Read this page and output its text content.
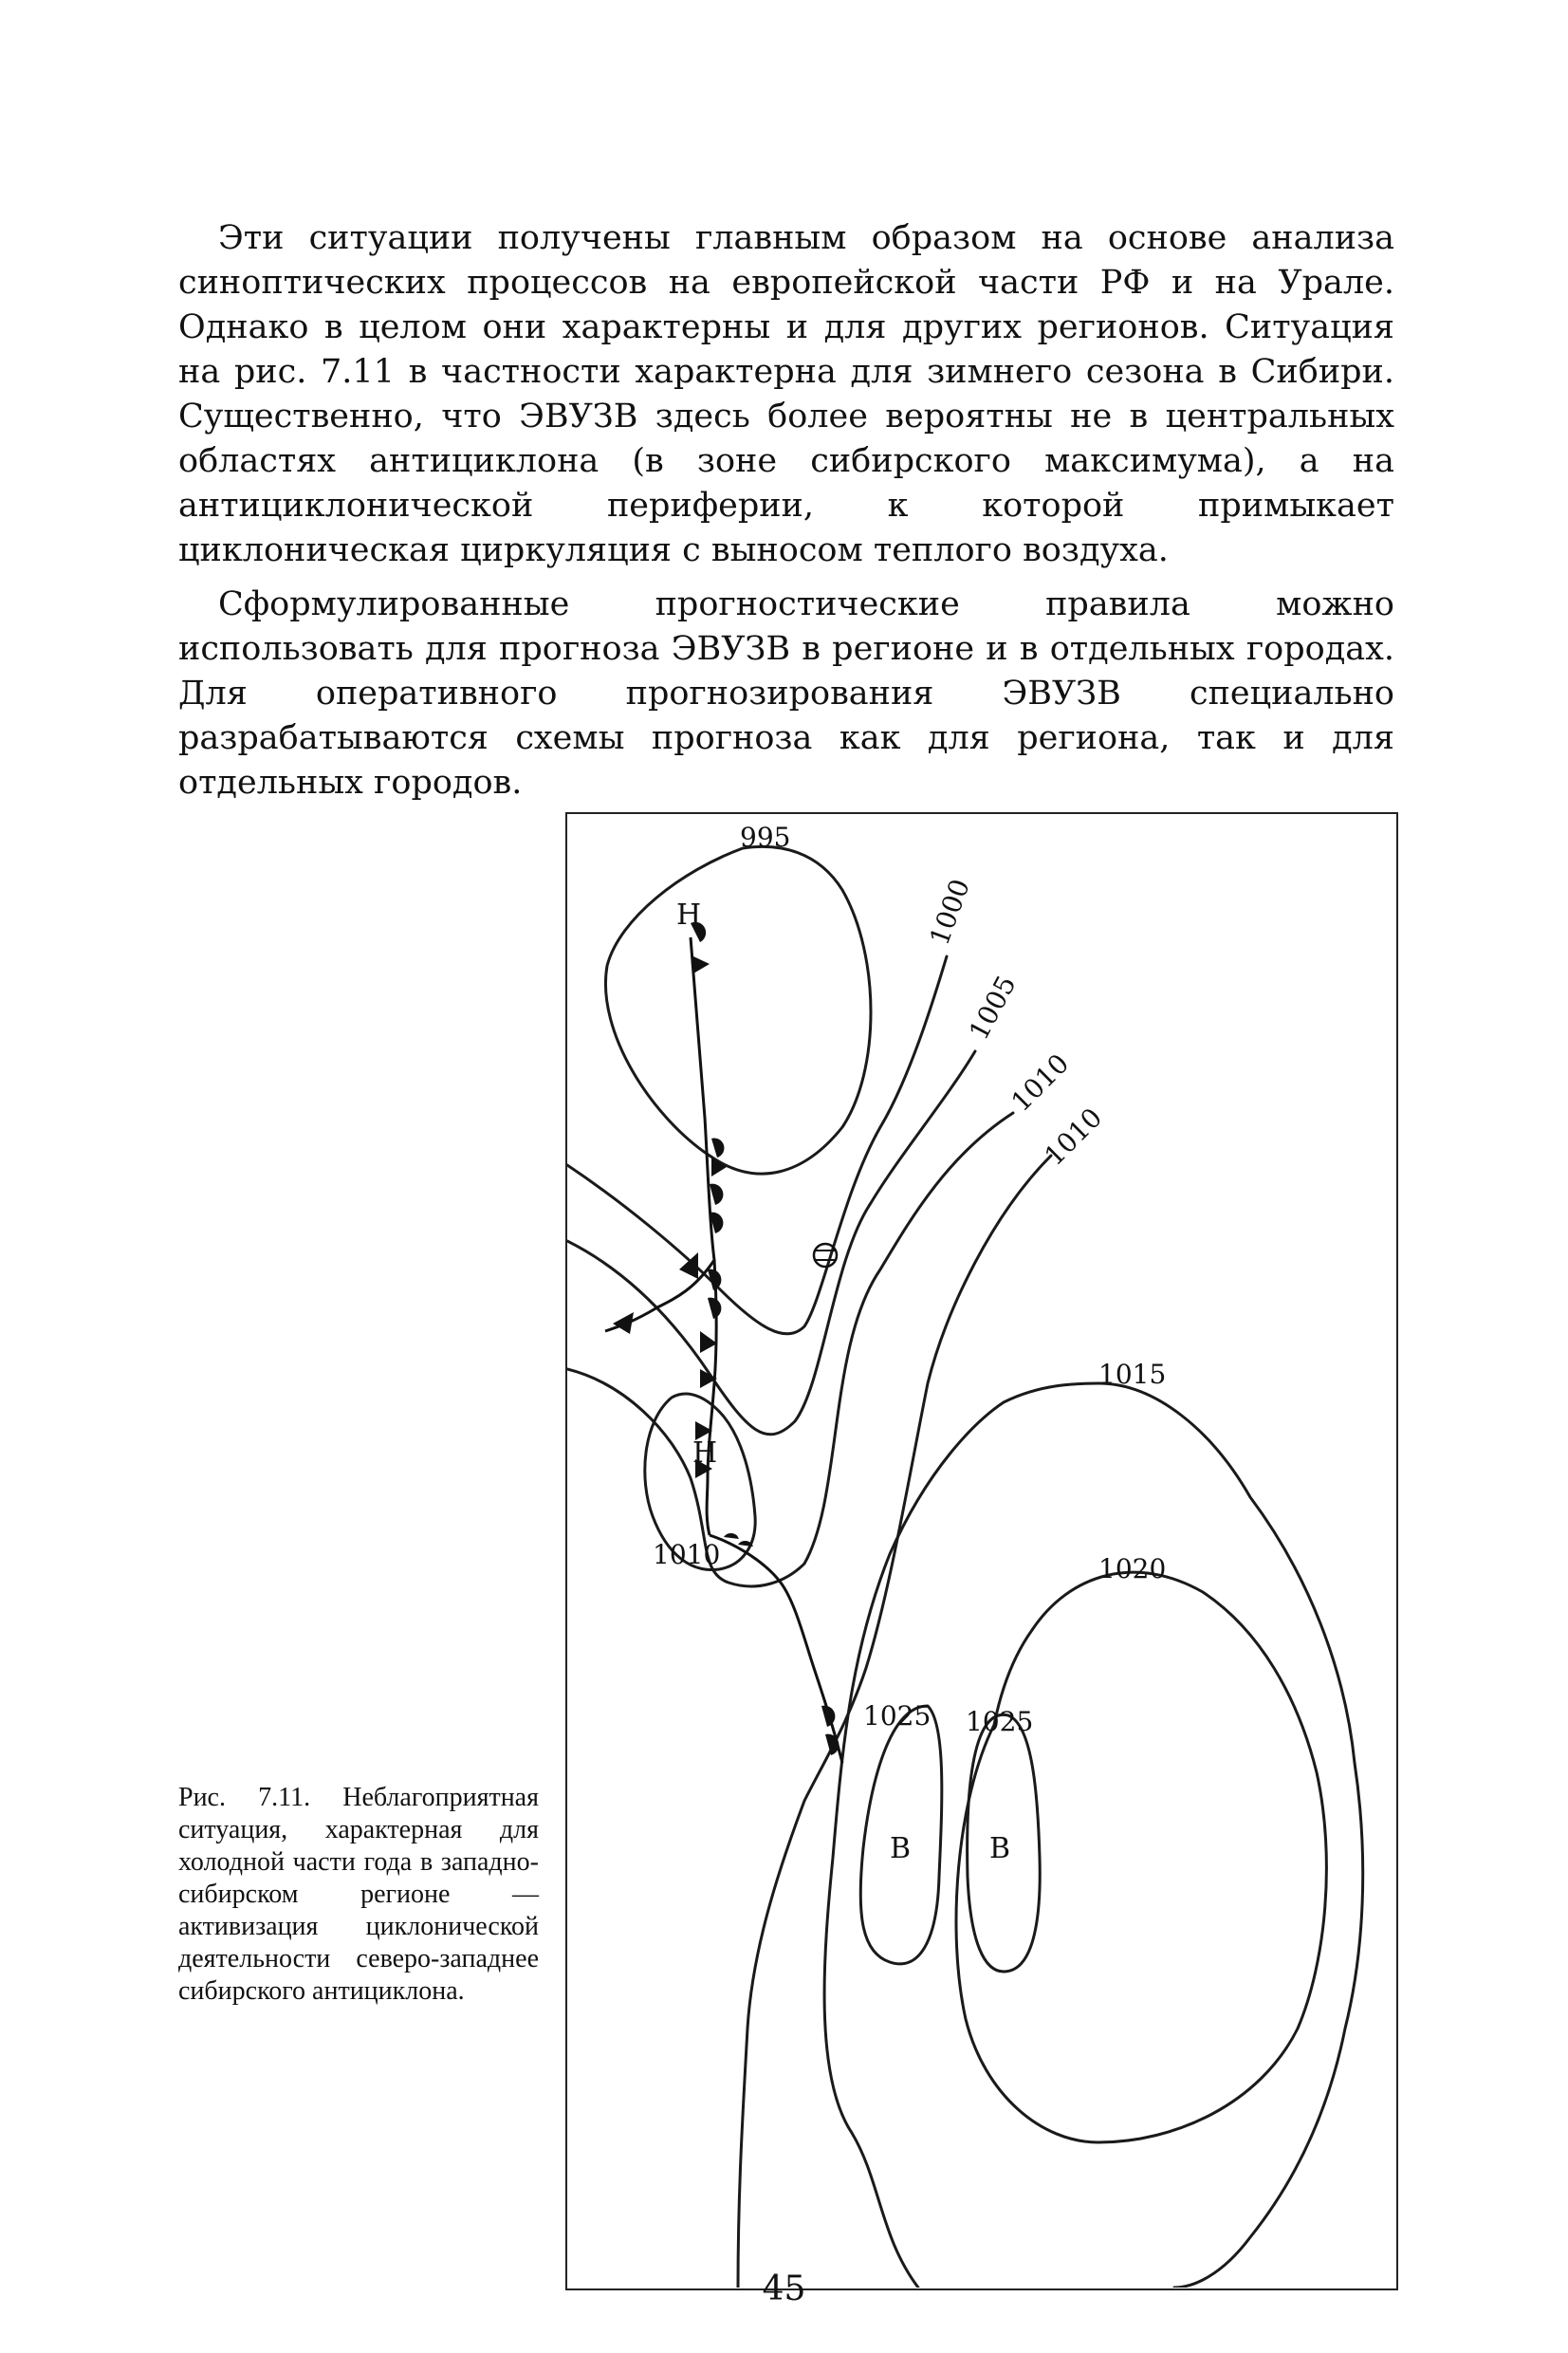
Эти ситуации получены главным образом на основе анализа синоптических процессов на европейской части РФ и на Урале. Однако в целом они характерны и для других регионов. Ситуация на рис. 7.11 в частности характерна для зимнего сезона в Сибири. Существенно, что ЭВУЗВ здесь более вероятны не в центральных областях антициклона (в зоне сибирского максимума), а на антициклонической периферии, к которой примыкает циклоническая циркуляция с выносом теплого воздуха.

Сформулированные прогностические правила можно использовать для прогноза ЭВУЗВ в регионе и в отдельных городах. Для оперативного прогнозирования ЭВУЗВ специально разрабатываются схемы прогноза как для региона, так и для отдельных городов.

995
1000
1005
1010
1010
1015
1020
1025 1025
1010
Н
Н
В	В
Рис. 7.11. Неблагоприятная ситуация, характерная для холодной части года в западно-сибирском регионе — активизация циклонической деятельности северо-западнее сибирского антициклона.
45
